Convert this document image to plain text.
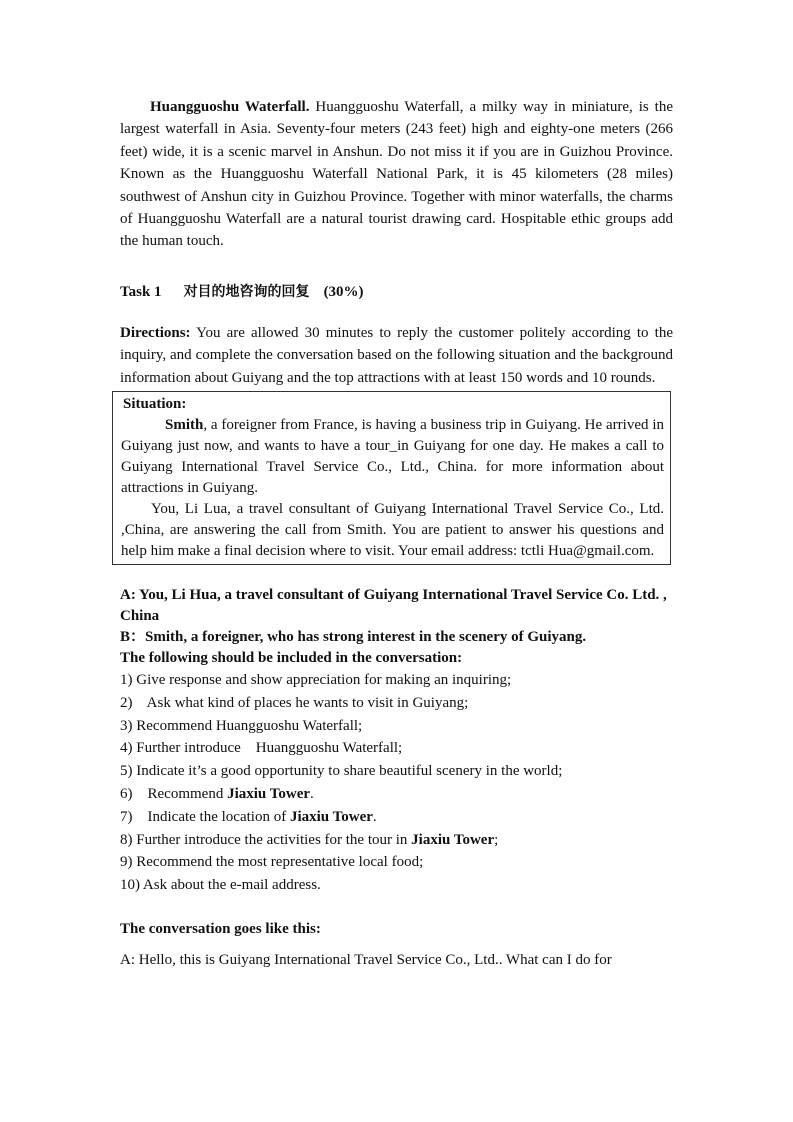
Huangguoshu Waterfall. Huangguoshu Waterfall, a milky way in miniature, is the largest waterfall in Asia. Seventy-four meters (243 feet) high and eighty-one meters (266 feet) wide, it is a scenic marvel in Anshun. Do not miss it if you are in Guizhou Province. Known as the Huangguoshu Waterfall National Park, it is 45 kilometers (28 miles) southwest of Anshun city in Guizhou Province. Together with minor waterfalls, the charms of Huangguoshu Waterfall are a natural tourist drawing card. Hospitable ethic groups add the human touch.

Task 1 对目的地咨询的回复 (30%)

Directions: You are allowed 30 minutes to reply the customer politely according to the inquiry, and complete the conversation based on the following situation and the background information about Guiyang and the top attractions with at least 150 words and 10 rounds.

Situation:

Smith, a foreigner from France, is having a business trip in Guiyang. He arrived in Guiyang just now, and wants to have a tour_in Guiyang for one day. He makes a call to Guiyang International Travel Service Co., Ltd., China. for more information about attractions in Guiyang.

You, Li Lua, a travel consultant of Guiyang International Travel Service Co., Ltd. ,China, are answering the call from Smith. You are patient to answer his questions and help him make a final decision where to visit. Your email address: tctli Hua@gmail.com.

A: You, Li Hua, a travel consultant of Guiyang International Travel Service Co. Ltd. , China

B：Smith, a foreigner, who has strong interest in the scenery of Guiyang.

The following should be included in the conversation:

1) Give response and show appreciation for making an inquiring;
2)    Ask what kind of places he wants to visit in Guiyang;
3) Recommend Huangguoshu Waterfall;
4) Further introduce    Huangguoshu Waterfall;
5) Indicate it’s a good opportunity to share beautiful scenery in the world;
6)    Recommend Jiaxiu Tower.
7)    Indicate the location of Jiaxiu Tower.
8) Further introduce the activities for the tour in Jiaxiu Tower;
9) Recommend the most representative local food;
10) Ask about the e-mail address.

The conversation goes like this:

A: Hello, this is Guiyang International Travel Service Co., Ltd.. What can I do for
